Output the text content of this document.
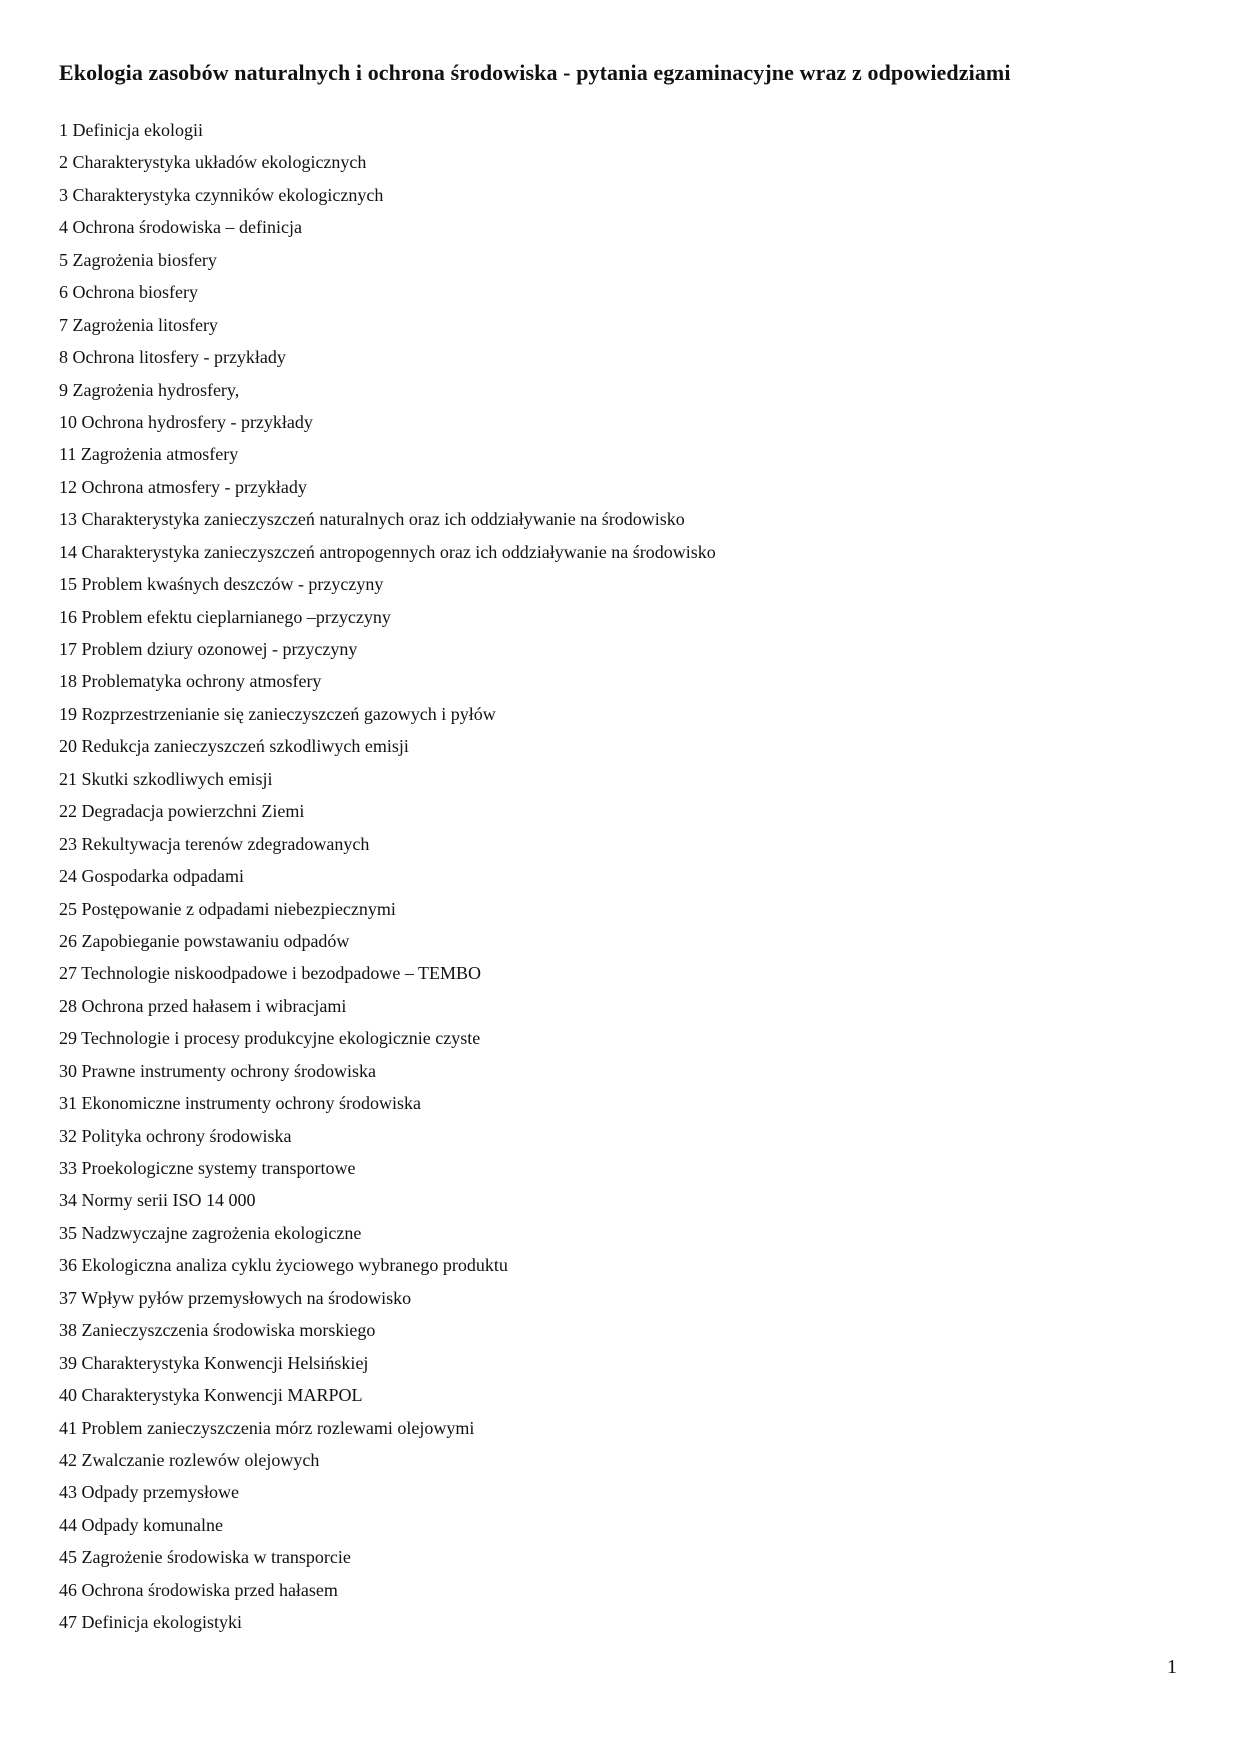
Ekologia zasobów naturalnych i ochrona środowiska - pytania egzaminacyjne wraz z odpowiedziami
1 Definicja ekologii
2 Charakterystyka układów ekologicznych
3 Charakterystyka czynników ekologicznych
4 Ochrona środowiska – definicja
5 Zagrożenia biosfery
6 Ochrona biosfery
7 Zagrożenia litosfery
8 Ochrona litosfery - przykłady
9 Zagrożenia hydrosfery,
10 Ochrona hydrosfery - przykłady
11 Zagrożenia atmosfery
12 Ochrona atmosfery - przykłady
13 Charakterystyka zanieczyszczeń naturalnych oraz ich oddziaływanie na środowisko
14 Charakterystyka zanieczyszczeń antropogennych oraz ich oddziaływanie na środowisko
15 Problem kwaśnych deszczów - przyczyny
16 Problem efektu cieplarnianego –przyczyny
17 Problem dziury ozonowej - przyczyny
18 Problematyka ochrony atmosfery
19 Rozprzestrzenianie się zanieczyszczeń gazowych i pyłów
20 Redukcja zanieczyszczeń szkodliwych emisji
21 Skutki szkodliwych emisji
22 Degradacja powierzchni Ziemi
23 Rekultywacja terenów zdegradowanych
24 Gospodarka odpadami
25 Postępowanie z odpadami niebezpiecznymi
26 Zapobieganie powstawaniu odpadów
27 Technologie niskoodpadowe i bezodpadowe – TEMBO
28 Ochrona przed hałasem i wibracjami
29 Technologie i procesy produkcyjne ekologicznie czyste
30 Prawne instrumenty ochrony środowiska
31 Ekonomiczne instrumenty ochrony środowiska
32 Polityka ochrony środowiska
33 Proekologiczne systemy transportowe
34 Normy serii ISO 14 000
35 Nadzwyczajne zagrożenia ekologiczne
36 Ekologiczna analiza cyklu życiowego wybranego produktu
37 Wpływ pyłów przemysłowych na środowisko
38 Zanieczyszczenia środowiska morskiego
39 Charakterystyka Konwencji Helsińskiej
40 Charakterystyka Konwencji MARPOL
41 Problem zanieczyszczenia mórz rozlewami olejowymi
42 Zwalczanie rozlewów olejowych
43 Odpady przemysłowe
44 Odpady komunalne
45 Zagrożenie środowiska w transporcie
46 Ochrona środowiska przed hałasem
47 Definicja ekologistyki
1
